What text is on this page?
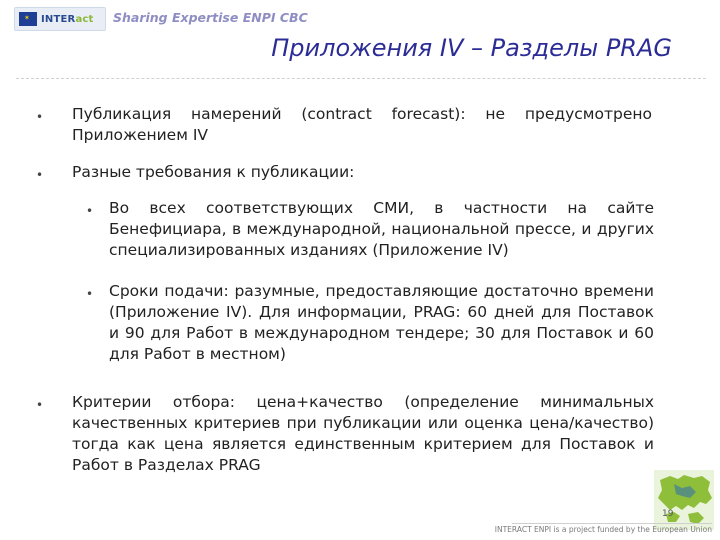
✶ INTERact Sharing Expertise ENPI CBC
Приложения IV – Разделы PRAG
• Публикация намерений (contract forecast): не предусмотрено Приложением IV
• Разные требования к публикации:
• Во всех соответствующих СМИ, в частности на сайте Бенефициара, в международной, национальной прессе, и других специализированных изданиях (Приложение IV)
• Сроки подачи: разумные, предоставляющие достаточно времени (Приложение IV). Для информации, PRAG: 60 дней для Поставок и 90 для Работ в международном тендере; 30 для Поставок и 60 для Работ в местном)
• Критерии отбора: цена+качество (определение минимальных качественных критериев при публикации или оценка цена/качество) тогда как цена является единственным критерием для Поставок и Работ в Разделах PRAG
19
INTERACT ENPI is a project funded by the European Union
